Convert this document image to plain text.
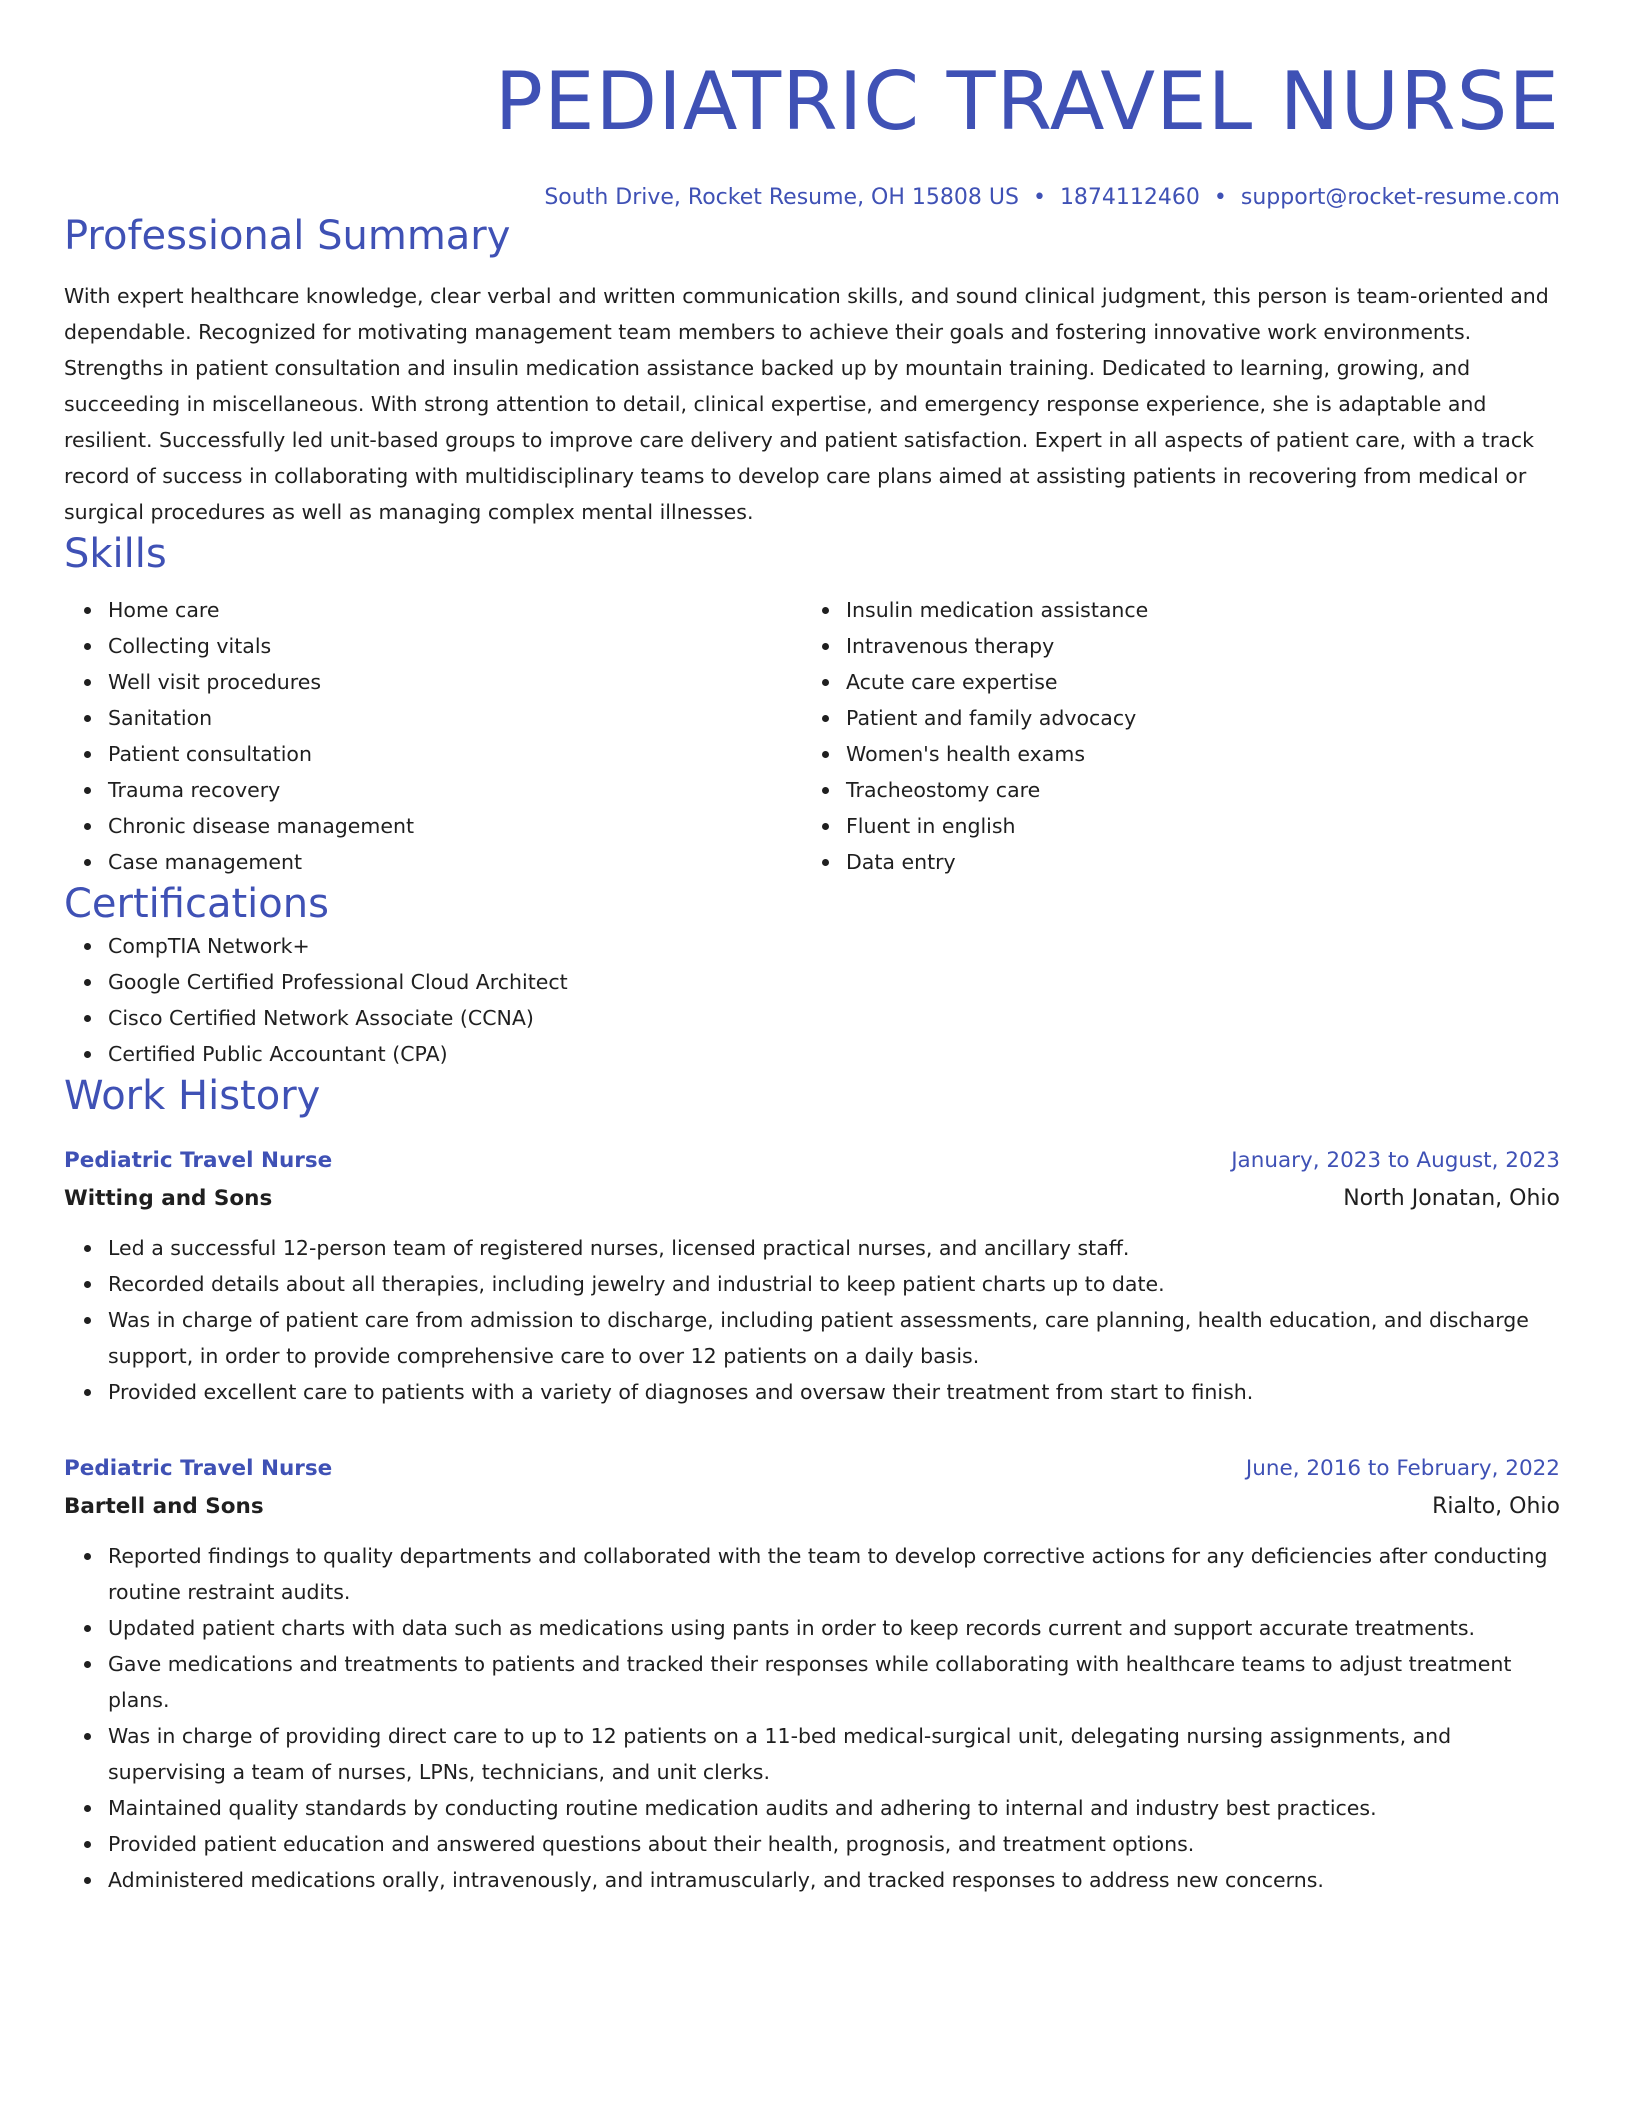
PEDIATRIC TRAVEL NURSE
South Drive, Rocket Resume, OH 15808 US • 1874112460 • support@rocket-resume.com
Professional Summary

With expert healthcare knowledge, clear verbal and written communication skills, and sound clinical judgment, this person is team-oriented and dependable. Recognized for motivating management team members to achieve their goals and fostering innovative work environments. Strengths in patient consultation and insulin medication assistance backed up by mountain training. Dedicated to learning, growing, and succeeding in miscellaneous. With strong attention to detail, clinical expertise, and emergency response experience, she is adaptable and resilient. Successfully led unit-based groups to improve care delivery and patient satisfaction. Expert in all aspects of patient care, with a track record of success in collaborating with multidisciplinary teams to develop care plans aimed at assisting patients in recovering from medical or surgical procedures as well as managing complex mental illnesses.

Skills
Home care
Collecting vitals
Well visit procedures
Sanitation
Patient consultation
Trauma recovery
Chronic disease management
Case management
Insulin medication assistance
Intravenous therapy
Acute care expertise
Patient and family advocacy
Women's health exams
Tracheostomy care
Fluent in english
Data entry
Certifications
CompTIA Network+
Google Certified Professional Cloud Architect
Cisco Certified Network Associate (CCNA)
Certified Public Accountant (CPA)
Work History
Pediatric Travel Nurse	January, 2023 to August, 2023
Witting and Sons	North Jonatan, Ohio
Led a successful 12-person team of registered nurses, licensed practical nurses, and ancillary staff.
Recorded details about all therapies, including jewelry and industrial to keep patient charts up to date.
Was in charge of patient care from admission to discharge, including patient assessments, care planning, health education, and discharge support, in order to provide comprehensive care to over 12 patients on a daily basis.
Provided excellent care to patients with a variety of diagnoses and oversaw their treatment from start to finish.
Pediatric Travel Nurse	June, 2016 to February, 2022
Bartell and Sons	Rialto, Ohio
Reported findings to quality departments and collaborated with the team to develop corrective actions for any deficiencies after conducting routine restraint audits.
Updated patient charts with data such as medications using pants in order to keep records current and support accurate treatments.
Gave medications and treatments to patients and tracked their responses while collaborating with healthcare teams to adjust treatment plans.
Was in charge of providing direct care to up to 12 patients on a 11-bed medical-surgical unit, delegating nursing assignments, and supervising a team of nurses, LPNs, technicians, and unit clerks.
Maintained quality standards by conducting routine medication audits and adhering to internal and industry best practices.
Provided patient education and answered questions about their health, prognosis, and treatment options.
Administered medications orally, intravenously, and intramuscularly, and tracked responses to address new concerns.
